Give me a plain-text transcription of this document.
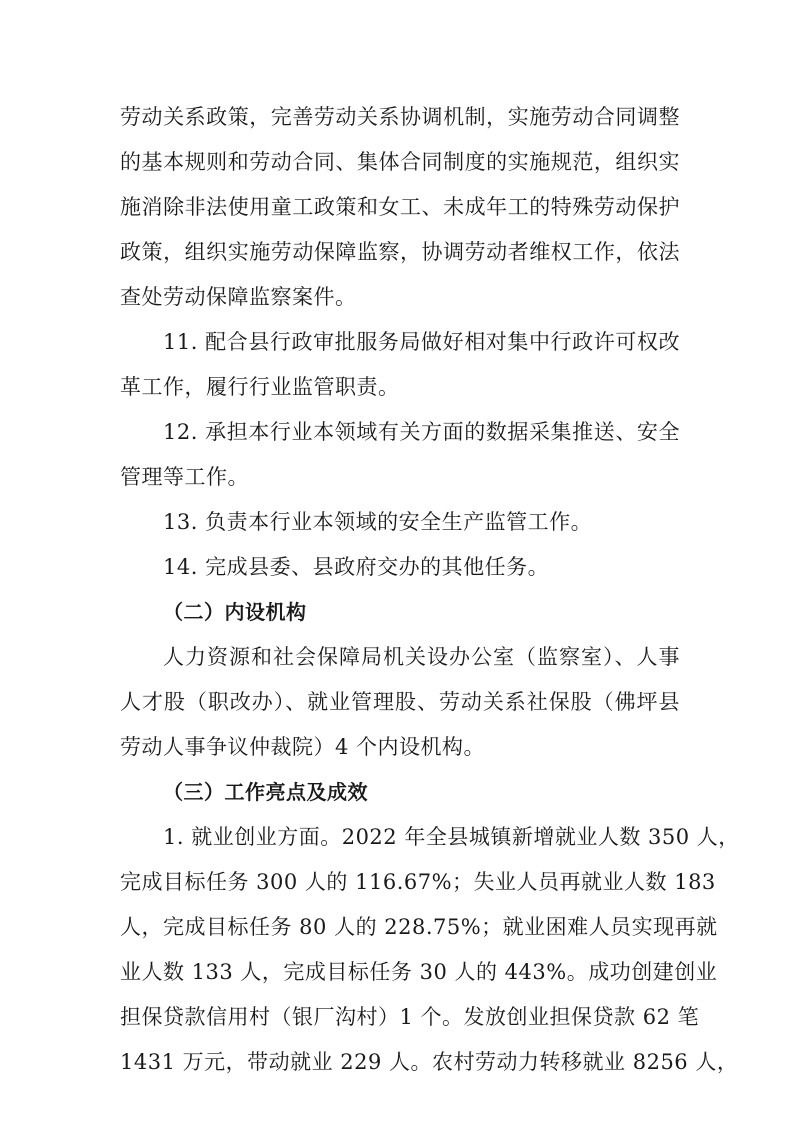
劳动关系政策，完善劳动关系协调机制，实施劳动合同调整
的基本规则和劳动合同、集体合同制度的实施规范，组织实
施消除非法使用童工政策和女工、未成年工的特殊劳动保护
政策，组织实施劳动保障监察，协调劳动者维权工作，依法
查处劳动保障监察案件。
11. 配合县行政审批服务局做好相对集中行政许可权改
革工作，履行行业监管职责。
12. 承担本行业本领域有关方面的数据采集推送、安全
管理等工作。
13. 负责本行业本领域的安全生产监管工作。
14. 完成县委、县政府交办的其他任务。
（二）内设机构
人力资源和社会保障局机关设办公室（监察室）、人事
人才股（职改办）、就业管理股、劳动关系社保股（佛坪县
劳动人事争议仲裁院）4 个内设机构。
（三）工作亮点及成效
1. 就业创业方面。2022 年全县城镇新增就业人数 350 人，
完成目标任务 300 人的 116.67%；失业人员再就业人数 183
人，完成目标任务 80 人的 228.75%；就业困难人员实现再就
业人数 133 人，完成目标任务 30 人的 443%。成功创建创业
担保贷款信用村（银厂沟村）1 个。发放创业担保贷款 62 笔
1431 万元，带动就业 229 人。农村劳动力转移就业 8256 人，
